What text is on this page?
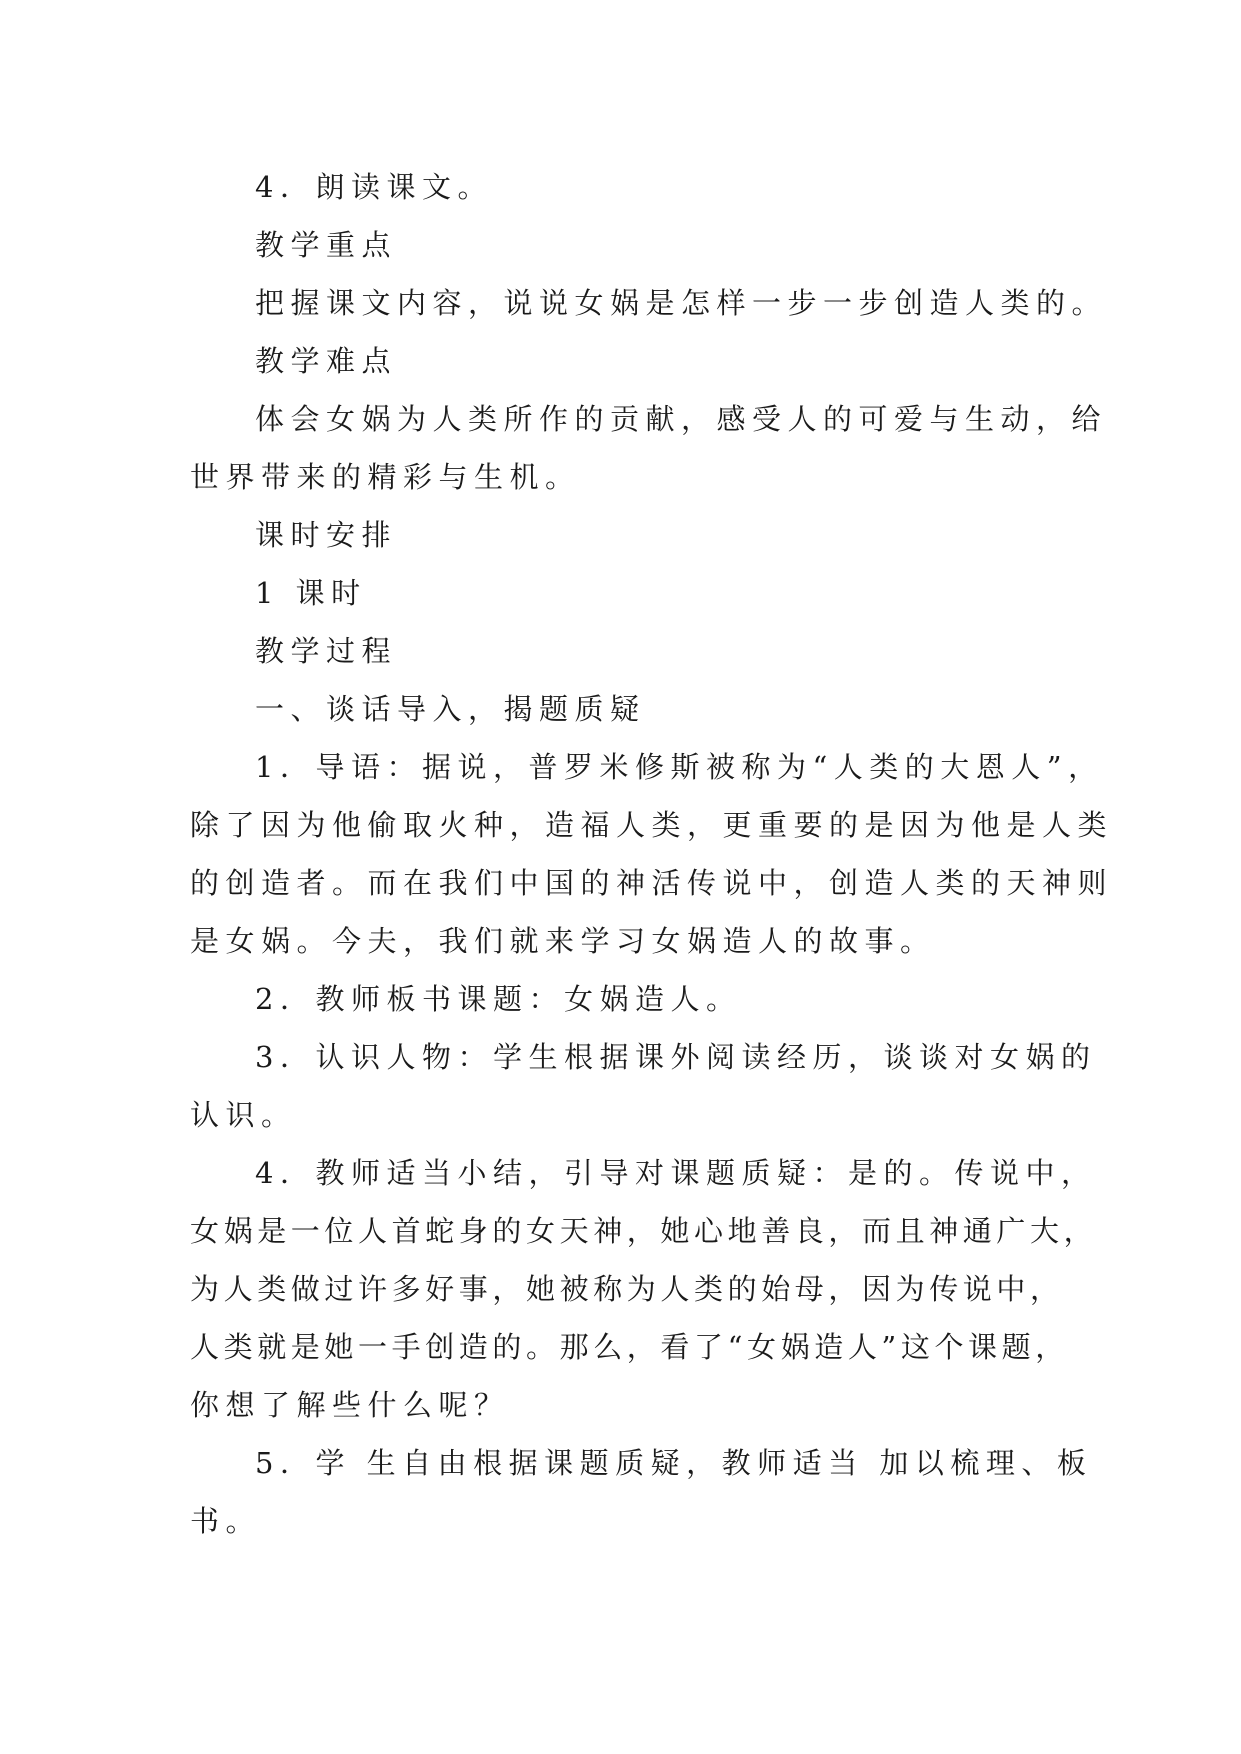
4．朗读课文。
教学重点
把握课文内容，说说女娲是怎样一步一步创造人类的。
教学难点
体会女娲为人类所作的贡献，感受人的可爱与生动，给
世界带来的精彩与生机。
课时安排
1 课时
教学过程
一、谈话导入，揭题质疑
1．导语：据说，普罗米修斯被称为“人类的大恩人”，
除了因为他偷取火种，造福人类，更重要的是因为他是人类
的创造者。而在我们中国的神活传说中，创造人类的天神则
是女娲。今夫，我们就来学习女娲造人的故事。
2．教师板书课题：女娲造人。
3．认识人物：学生根据课外阅读经历，谈谈对女娲的
认识。
4．教师适当小结，引导对课题质疑：是的。传说中，
女娲是一位人首蛇身的女天神，她心地善良，而且神通广大，
为人类做过许多好事，她被称为人类的始母，因为传说中，
人类就是她一手创造的。那么，看了“女娲造人”这个课题，
你想了解些什么呢？
5．学 生自由根据课题质疑，教师适当 加以梳理、板
书。
